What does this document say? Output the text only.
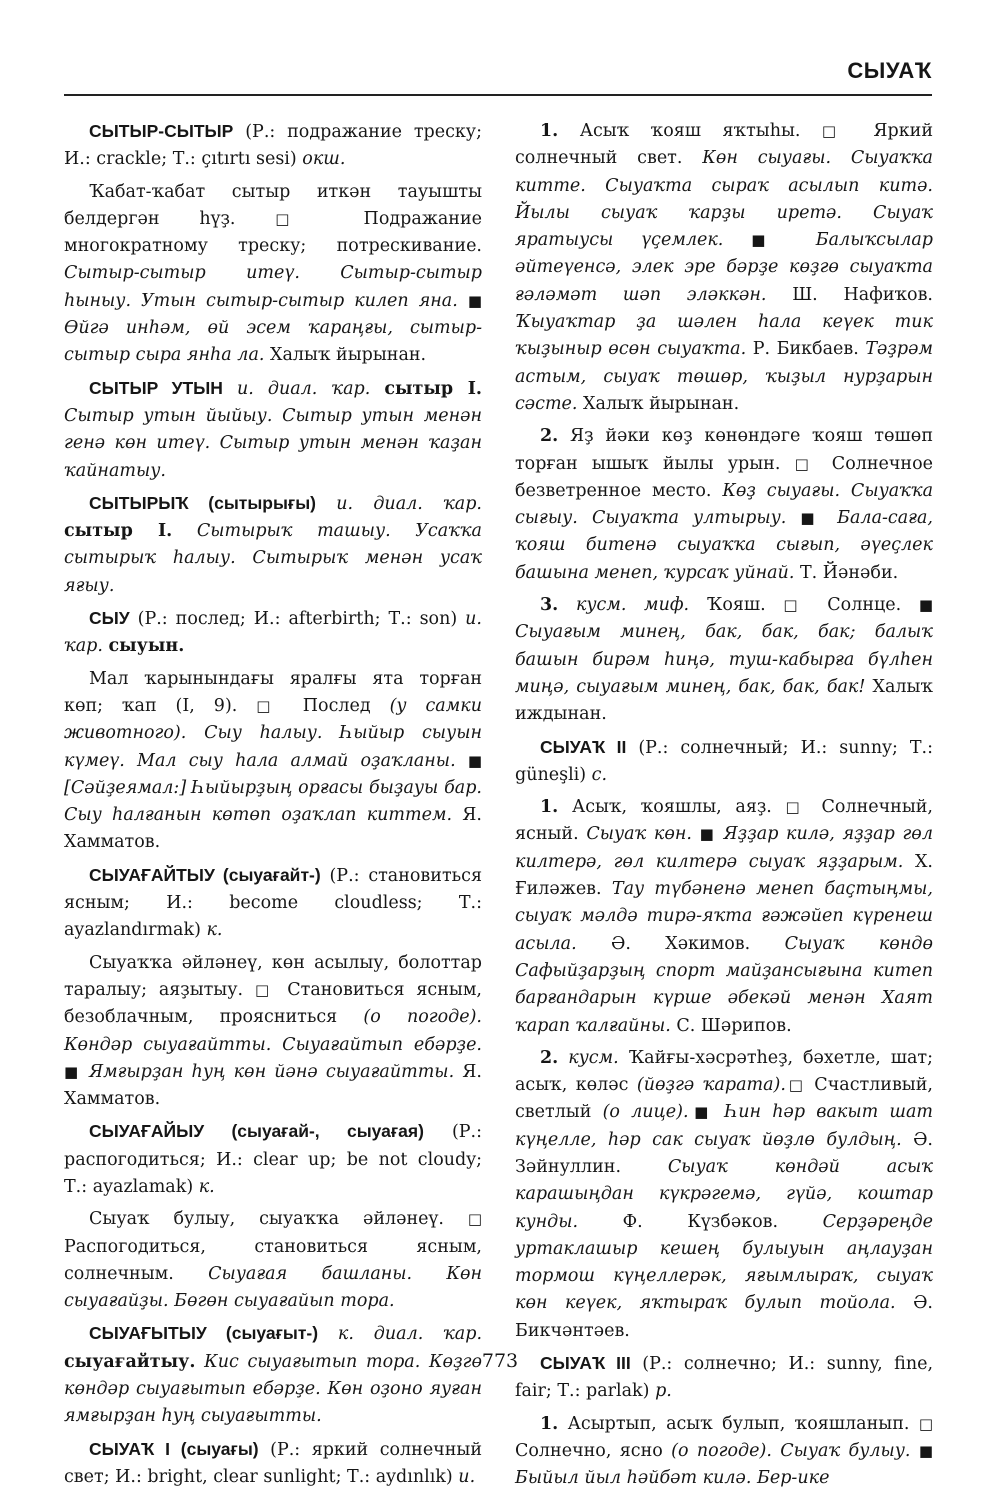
СЫУАҠ

СЫТЫР-СЫТЫР (Р.: подражание треску; И.: crackle; Т.: çıtırtı sesi) окш.

Ҡабат-ҡабат сытыр иткән тауышты белдергән һүҙ. □ Подражание многократному треску; потрескивание. Сытыр-сытыр итеү. Сытыр-сытыр һыныу. Утын сытыр-сытыр килеп яна. ■ Өйгә инһәм, өй эсем ҡараңғы, сытыр-сытыр сыра янһа ла. Халыҡ йырынан.

СЫТЫР УТЫН и. диал. ҡар. сытыр I. Сытыр утын йыйыу. Сытыр утын менән генә көн итеү. Сытыр утын менән ҡаҙан ҡайнатыу.

СЫТЫРЫҠ (сытырығы) и. диал. ҡар. сытыр I. Сытырыҡ ташыу. Усаҡҡа сытырыҡ һалыу. Сытырыҡ менән усаҡ яғыу.

СЫУ (Р.: послед; И.: afterbirth; Т.: son) и. ҡар. сыуын.

Мал ҡарынындағы яралғы ята торған көп; ҡап (I, 9). □ Послед (у самки животного). Сыу һалыу. Һыйыр сыуын күмеү. Мал сыу һала алмай оҙаҡланы. ■ [Сәйҙеямал:] Һыйырҙың орғасы быҙауы бар. Сыу һалғанын көтөп оҙаҡлап киттем. Я. Хамматов.

СЫУАҒАЙТЫУ (сыуағайт-) (Р.: становиться ясным; И.: become cloudless; Т.: ayazlandırmak) к.

Сыуаҡҡа әйләнеү, көн асылыу, болоттар таралыу; аяҙытыу. □ Становиться ясным, безоблачным, проясниться (о погоде). Көндәр сыуағайтты. Сыуағайтып ебәрҙе. ■ Ямғырҙан һуң көн йәнә сыуағайтты. Я. Хамматов.

СЫУАҒАЙЫУ (сыуағай-, сыуағая) (Р.: распогодиться; И.: clear up; be not cloudy; Т.: ayazlamak) к.

Сыуаҡ булыу, сыуаҡҡа әйләнеү. □ Распогодиться, становиться ясным, солнечным. Сыуағая башланы. Көн сыуағайҙы. Бөгөн сыуағайып тора.

СЫУАҒЫТЫУ (сыуағыт-) к. диал. ҡар. сыуағайтыу. Кис сыуағытып тора. Көҙгө көндәр сыуағытып ебәрҙе. Көн оҙоно яуған ямғырҙан һуң сыуағытты.

СЫУАҠ I (сыуағы) (Р.: яркий солнечный свет; И.: bright, clear sunlight; Т.: aydınlık) и.

1. Асыҡ ҡояш яҡтыһы. □ Яркий солнечный свет. Көн сыуағы. Сыуаҡҡа киттe. Сыуаҡта сыраҡ асылып китә. Йылы сыуаҡ ҡарҙы иретә. Сыуаҡ яратыусы үҫемлек. ■ Балыҡсылар әйтеүенсә, элек эре бәрҙе көҙгө сыуаҡта ғәләмәт шәп эләккән. Ш. Нафиҡов. Ҡыуаҡтар ҙа шәлен һала кеүек тик ҡыҙыныр өсөн сыуаҡта. Р. Бикбаев. Тәҙрәм астым, сыуаҡ төшөр, ҡыҙыл нурҙарын сәсте. Халыҡ йырынан.

2. Яҙ йәки көҙ көнөндәге ҡояш төшөп торған ышыҡ йылы урын. □ Солнечное безветренное место. Көҙ сыуағы. Сыуаҡҡа сығыу. Сыуаҡта ултырыу. ■ Бала-саға, ҡояш битенә сыуаҡҡа сығып, әүеҫлек башына менеп, ҡурсаҡ уйнай. Т. Йәнәби.

3. кусм. миф. Ҡояш. □ Солнце. ■ Сыуағым минең, бак, бак, бак; балыҡ башын бирәм һиңә, туш-кабырға бүлһен миңә, сыуағым минең, бак, бак, бак! Халыҡ иждынан.

СЫУАҠ II (Р.: солнечный; И.: sunny; Т.: güneşli) с.

1. Асыҡ, ҡояшлы, аяҙ. □ Солнечный, ясный. Сыуаҡ көн. ■ Яҙҙар килә, яҙҙар гөл килтерә, гөл килтерә сыуаҡ яҙҙарым. Х. Ғиләжев. Тау түбәненә менеп баҫтыңмы, сыуаҡ мәлдә тирә-яҡта ғәжәйеп күренеш асыла. Ә. Хәкимов. Сыуаҡ көндө Сафыйҙарҙың спорт майҙансығына китеп барғандарын күрше әбекәй менән Хаят ҡарап ҡалғайны. С. Шәрипов.

2. кусм. Ҡайғы-хәсрәтһеҙ, бәхетле, шат; асыҡ, көләс (йөҙгә ҡарата).□ Счастливый, светлый (о лице).■ Һин һәр вакыт шат күңелле, һәр сак сыуаҡ йөҙлө булдың. Ә. Зәйнуллин. Сыуаҡ көндәй асыҡ карашыңдан күкрәгемә, гүйә, коштар кунды. Ф. Күзбәков. Серҙәреңде уртаклашыр кешең булыуын аңлауҙан тормош күңеллерәк, яғымлыраҡ, сыуаҡ көн кеүек, яҡтыраҡ булып тойола. Ә. Бикчәнтәев.

СЫУАҠ III (Р.: солнечно; И.: sunny, fine, fair; Т.: parlak) р.

1. Асыртып, асыҡ булып, ҡояшланып. □ Солнечно, ясно (о погоде). Сыуаҡ булыу. ■ Быйыл йыл һәйбәт килә. Бер-ике

773
